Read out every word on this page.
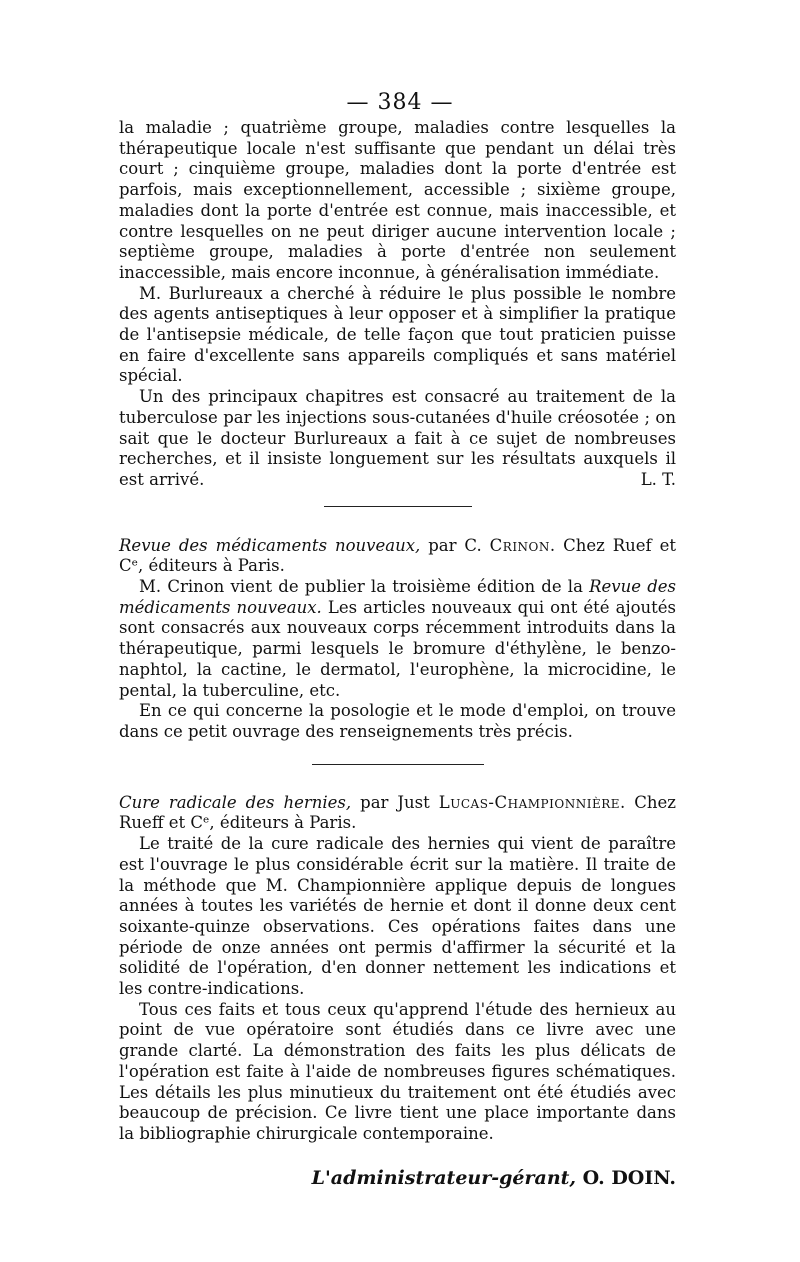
— 384 —

la maladie ; quatrième groupe, maladies contre lesquelles la thérapeutique locale n'est suffisante que pendant un délai très court ; cinquième groupe, maladies dont la porte d'entrée est parfois, mais exceptionnellement, accessible ; sixième groupe, maladies dont la porte d'entrée est connue, mais inaccessible, et contre lesquelles on ne peut diriger aucune intervention locale ; septième groupe, maladies à porte d'entrée non seulement inaccessible, mais encore inconnue, à généralisation immédiate.

M. Burlureaux a cherché à réduire le plus possible le nombre des agents antiseptiques à leur opposer et à simplifier la pratique de l'antisepsie médicale, de telle façon que tout praticien puisse en faire d'excellente sans appareils compliqués et sans matériel spécial.

Un des principaux chapitres est consacré au traitement de la tuberculose par les injections sous-cutanées d'huile créosotée ; on sait que le docteur Burlureaux a fait à ce sujet de nombreuses recherches, et il insiste longuement sur les résultats auxquels il est arrivé.	L. T.

Revue des médicaments nouveaux, par C. Crinon. Chez Ruef et Cᵉ, éditeurs à Paris.

M. Crinon vient de publier la troisième édition de la Revue des médicaments nouveaux. Les articles nouveaux qui ont été ajoutés sont consacrés aux nouveaux corps récemment introduits dans la thérapeutique, parmi lesquels le bromure d'éthylène, le benzo-naphtol, la cactine, le dermatol, l'europhène, la microcidine, le pental, la tuberculine, etc.

En ce qui concerne la posologie et le mode d'emploi, on trouve dans ce petit ouvrage des renseignements très précis.

Cure radicale des hernies, par Just Lucas-Championnière. Chez Rueff et Cᵉ, éditeurs à Paris.

Le traité de la cure radicale des hernies qui vient de paraître est l'ouvrage le plus considérable écrit sur la matière. Il traite de la méthode que M. Championnière applique depuis de longues années à toutes les variétés de hernie et dont il donne deux cent soixante-quinze observations. Ces opérations faites dans une période de onze années ont permis d'affirmer la sécurité et la solidité de l'opération, d'en donner nettement les indications et les contre-indications.

Tous ces faits et tous ceux qu'apprend l'étude des hernieux au point de vue opératoire sont étudiés dans ce livre avec une grande clarté. La démonstration des faits les plus délicats de l'opération est faite à l'aide de nombreuses figures schématiques. Les détails les plus minutieux du traitement ont été étudiés avec beaucoup de précision. Ce livre tient une place importante dans la bibliographie chirurgicale contemporaine.

L'administrateur-gérant, O. DOIN.
